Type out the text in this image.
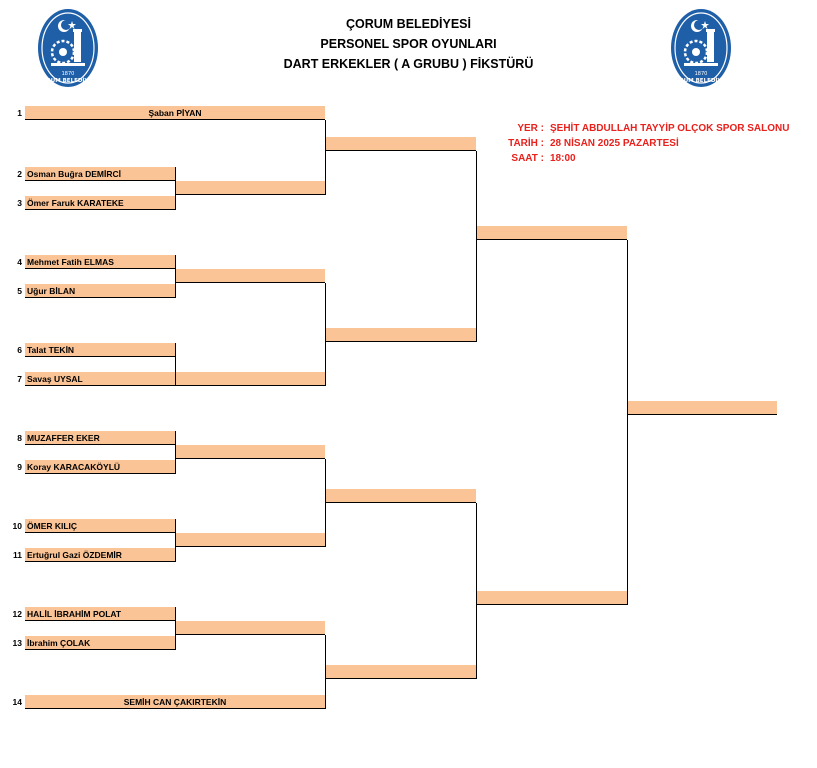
ÇORUM BELEDİYESİ
PERSONEL SPOR OYUNLARI
DART ERKEKLER ( A GRUBU ) FİKSTÜRÜ
1870
ÇORUM BELEDİYESİ
1870
ÇORUM BELEDİYESİ
YER : ŞEHİT ABDULLAH TAYYİP OLÇOK SPOR SALONU
TARİH : 28 NİSAN 2025 PAZARTESİ
SAAT : 18:00
1
2
3
4
5
6
7
8
9
10
11
12
13
14
Şaban PİYAN
Osman Buğra DEMİRCİ
Ömer Faruk KARATEKE
Mehmet Fatih ELMAS
Uğur BİLAN
Talat TEKİN
Savaş UYSAL
MUZAFFER EKER
Koray KARACAKÖYLÜ
ÖMER KILIÇ
Ertuğrul Gazi ÖZDEMİR
HALİL İBRAHİM POLAT
İbrahim ÇOLAK
SEMİH CAN ÇAKIRTEKİN
